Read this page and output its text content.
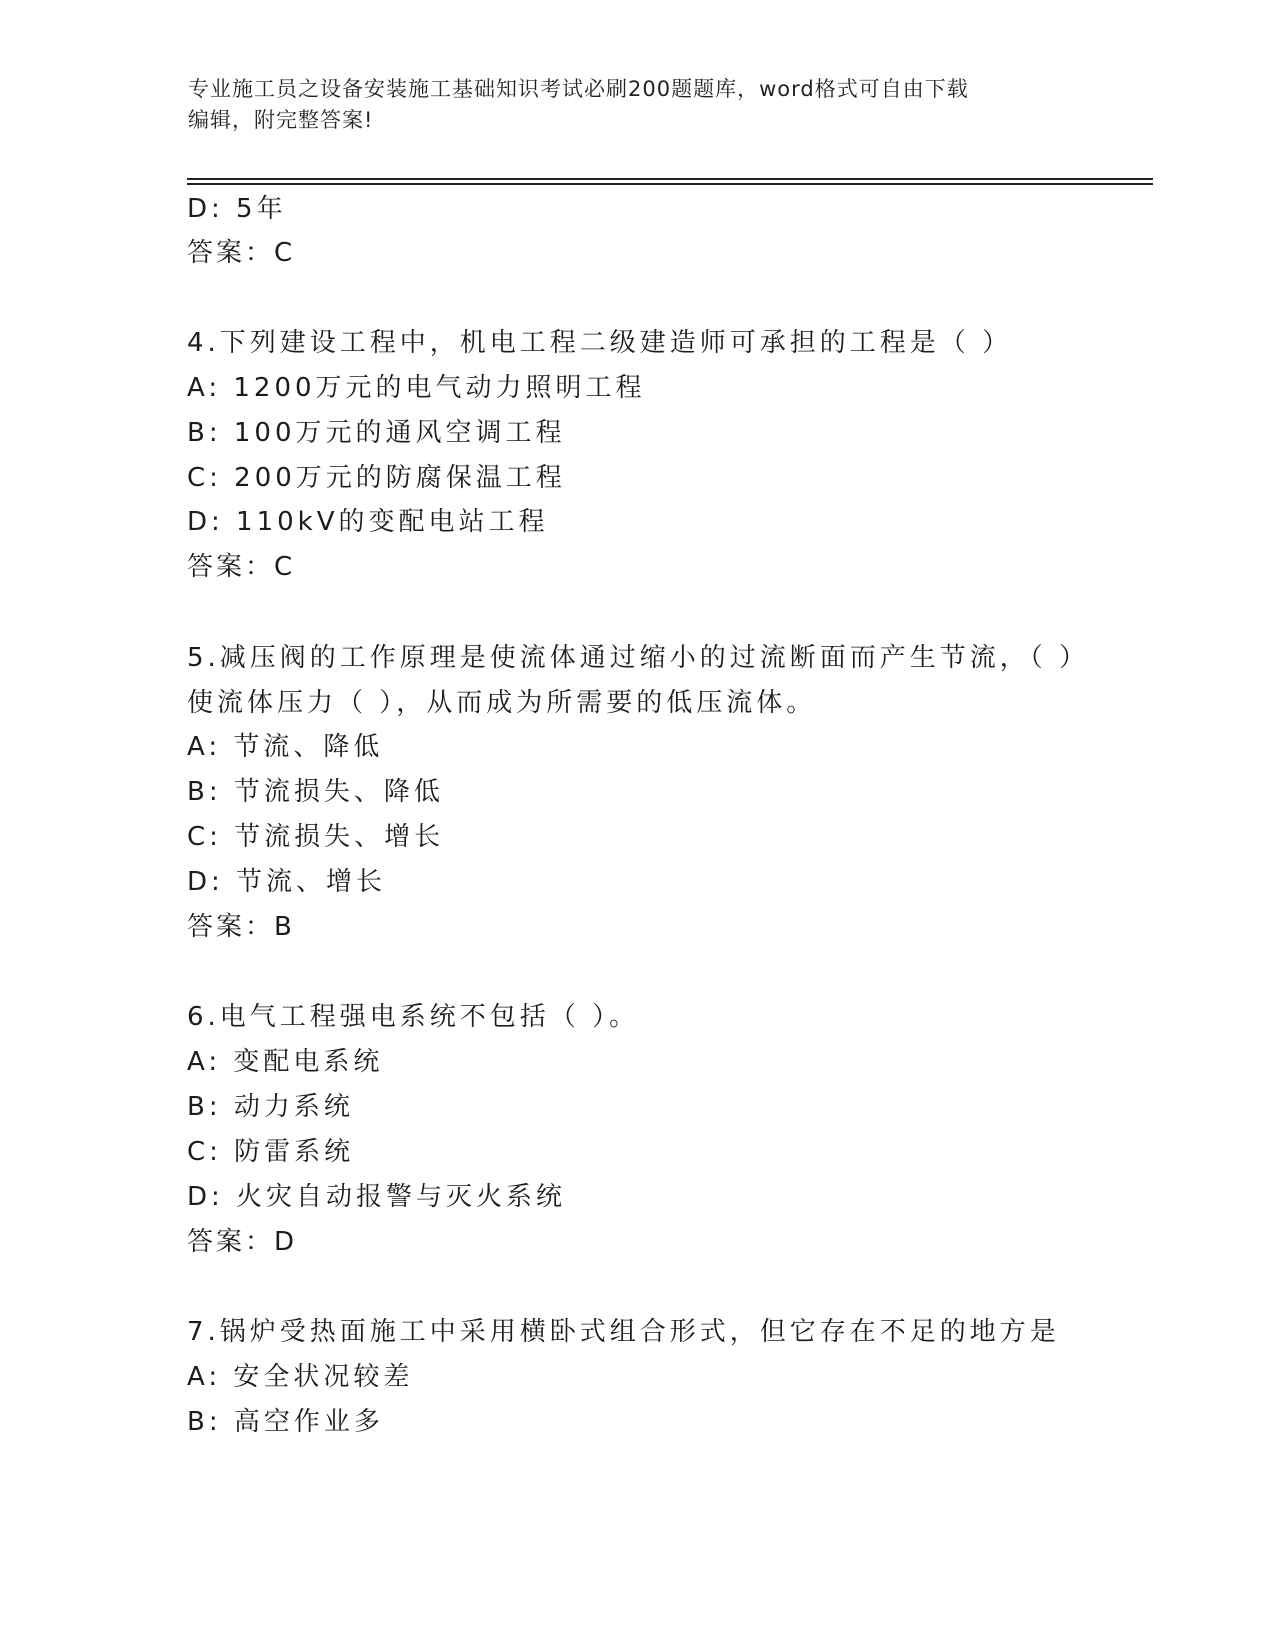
专业施工员之设备安装施工基础知识考试必刷200题题库，word格式可自由下载
编辑，附完整答案!
D: 5年
答案：C
4.下列建设工程中，机电工程二级建造师可承担的工程是（ ）
A: 1200万元的电气动力照明工程
B: 100万元的通风空调工程
C: 200万元的防腐保温工程
D: 110kV的变配电站工程
答案：C
5.减压阀的工作原理是使流体通过缩小的过流断面而产生节流，（ ）
使流体压力（ ），从而成为所需要的低压流体。
A: 节流、降低
B: 节流损失、降低
C: 节流损失、增长
D: 节流、增长
答案：B
6.电气工程强电系统不包括（ ）。
A: 变配电系统
B: 动力系统
C: 防雷系统
D: 火灾自动报警与灭火系统
答案：D
7.锅炉受热面施工中采用横卧式组合形式，但它存在不足的地方是
A: 安全状况较差
B: 高空作业多
